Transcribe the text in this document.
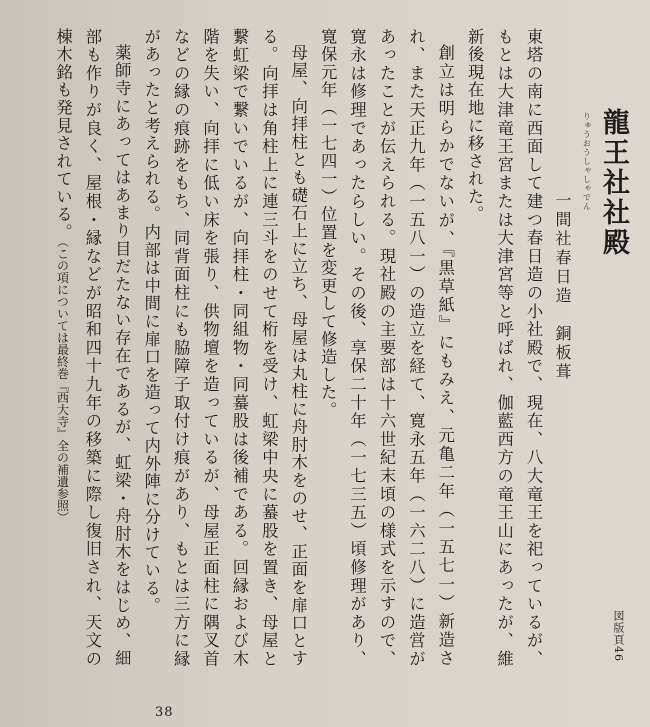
龍王社社殿
りゅうおうしゃしゃでん
一間社春日造　銅板葺

東塔の南に西面して建つ春日造の小社殿で、現在、八大竜王を祀っているが、もとは大津竜王宮または大津宮等と呼ばれ、伽藍西方の竜王山にあったが、維新後現在地に移された。

創立は明らかでないが、『黒草紙』にもみえ、元亀二年（一五七一）新造され、また天正九年（一五八一）の造立を経て、寛永五年（一六二八）に造営があったことが伝えられる。現社殿の主要部は十六世紀末頃の様式を示すので、寛永は修理であったらしい。その後、享保二十年（一七三五）頃修理があり、寛保元年（一七四一）位置を変更して修造した。

母屋、向拝柱とも礎石上に立ち、母屋は丸柱に舟肘木をのせ、正面を扉口とする。向拝は角柱上に連三斗をのせて桁を受け、虹梁中央に蟇股を置き、母屋と繋虹梁で繋いでいるが、向拝柱・同組物・同蟇股は後補である。回縁および木階を失い、向拝に低い床を張り、供物壇を造っているが、母屋正面柱に隅叉首などの縁の痕跡をもち、同背面柱にも脇障子取付け痕があり、もとは三方に縁があったと考えられる。内部は中間に扉口を造って内外陣に分けている。

薬師寺にあってはあまり目だたない存在であるが、虹梁・舟肘木をはじめ、細部も作りが良く、屋根・縁などが昭和四十九年の移築に際し復旧され、天文の棟木銘も発見されている。（この項については最終巻『西大寺』全の補遺参照）

図版頁46
38
